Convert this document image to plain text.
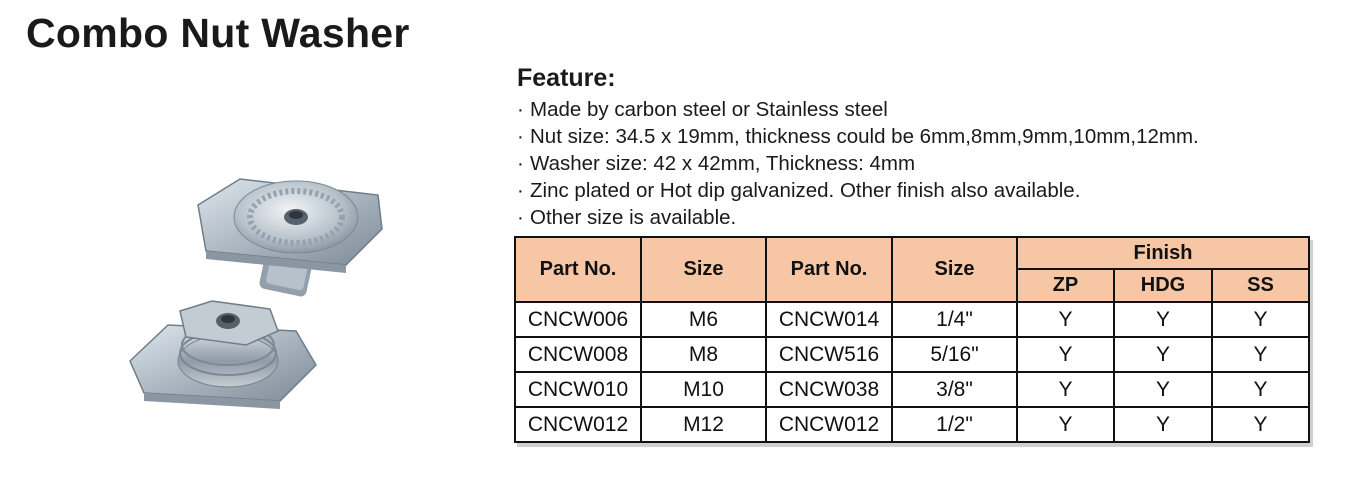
Combo Nut Washer
Feature:
· Made by carbon steel or Stainless steel
· Nut size: 34.5 x 19mm, thickness could be 6mm,8mm,9mm,10mm,12mm.
· Washer size: 42 x 42mm, Thickness: 4mm
· Zinc plated or Hot dip galvanized. Other finish also available.
· Other size is available.
Part No.	Size	Part No.	Size	Finish		
				ZP	HDG	SS
CNCW006	M6	CNCW014	1/4"	Y	Y	Y
CNCW008	M8	CNCW516	5/16"	Y	Y	Y
CNCW010	M10	CNCW038	3/8"	Y	Y	Y
CNCW012	M12	CNCW012	1/2"	Y	Y	Y
